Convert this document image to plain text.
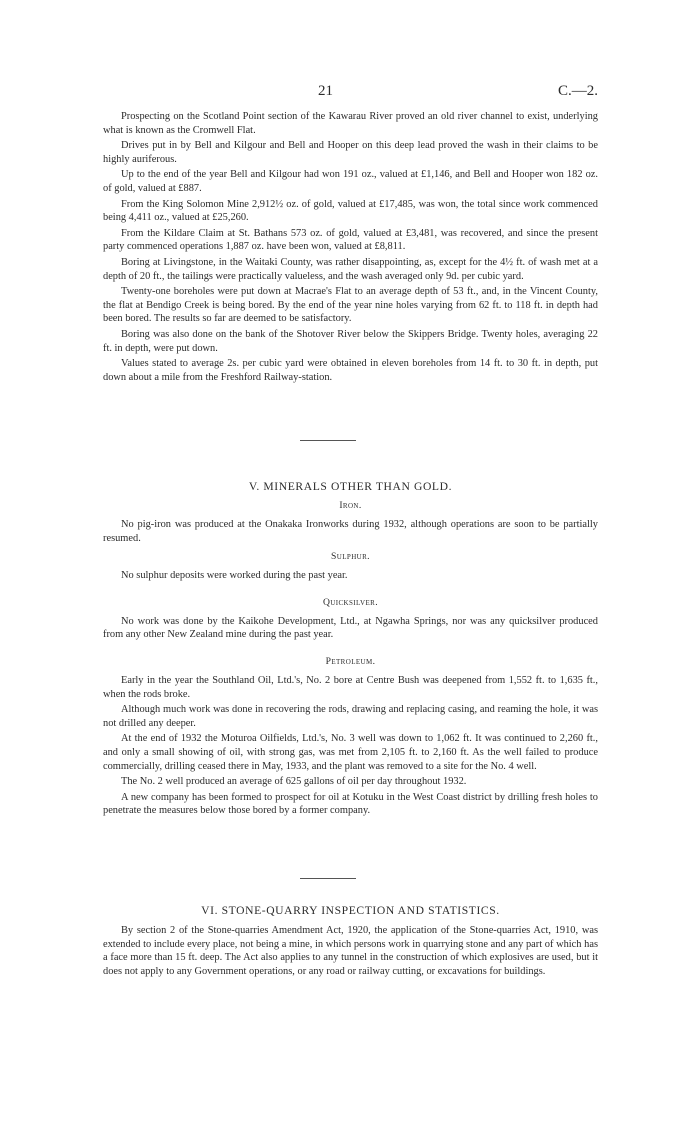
21	C.—2.

Prospecting on the Scotland Point section of the Kawarau River proved an old river channel to exist, underlying what is known as the Cromwell Flat.

Drives put in by Bell and Kilgour and Bell and Hooper on this deep lead proved the wash in their claims to be highly auriferous.

Up to the end of the year Bell and Kilgour had won 191 oz., valued at £1,146, and Bell and Hooper won 182 oz. of gold, valued at £887.

From the King Solomon Mine 2,912½ oz. of gold, valued at £17,485, was won, the total since work commenced being 4,411 oz., valued at £25,260.

From the Kildare Claim at St. Bathans 573 oz. of gold, valued at £3,481, was recovered, and since the present party commenced operations 1,887 oz. have been won, valued at £8,811.

Boring at Livingstone, in the Waitaki County, was rather disappointing, as, except for the 4½ ft. of wash met at a depth of 20 ft., the tailings were practically valueless, and the wash averaged only 9d. per cubic yard.

Twenty-one boreholes were put down at Macrae's Flat to an average depth of 53 ft., and, in the Vincent County, the flat at Bendigo Creek is being bored. By the end of the year nine holes varying from 62 ft. to 118 ft. in depth had been bored. The results so far are deemed to be satisfactory.

Boring was also done on the bank of the Shotover River below the Skippers Bridge. Twenty holes, averaging 22 ft. in depth, were put down.

Values stated to average 2s. per cubic yard were obtained in eleven boreholes from 14 ft. to 30 ft. in depth, put down about a mile from the Freshford Railway-station.

V. MINERALS OTHER THAN GOLD.
Iron.

No pig-iron was produced at the Onakaka Ironworks during 1932, although operations are soon to be partially resumed.

Sulphur.

No sulphur deposits were worked during the past year.

Quicksilver.

No work was done by the Kaikohe Development, Ltd., at Ngawha Springs, nor was any quicksilver produced from any other New Zealand mine during the past year.

Petroleum.

Early in the year the Southland Oil, Ltd.'s, No. 2 bore at Centre Bush was deepened from 1,552 ft. to 1,635 ft., when the rods broke.

Although much work was done in recovering the rods, drawing and replacing casing, and reaming the hole, it was not drilled any deeper.

At the end of 1932 the Moturoa Oilfields, Ltd.'s, No. 3 well was down to 1,062 ft. It was continued to 2,260 ft., and only a small showing of oil, with strong gas, was met from 2,105 ft. to 2,160 ft. As the well failed to produce commercially, drilling ceased there in May, 1933, and the plant was removed to a site for the No. 4 well.

The No. 2 well produced an average of 625 gallons of oil per day throughout 1932.

A new company has been formed to prospect for oil at Kotuku in the West Coast district by drilling fresh holes to penetrate the measures below those bored by a former company.

VI. STONE-QUARRY INSPECTION AND STATISTICS.

By section 2 of the Stone-quarries Amendment Act, 1920, the application of the Stone-quarries Act, 1910, was extended to include every place, not being a mine, in which persons work in quarrying stone and any part of which has a face more than 15 ft. deep. The Act also applies to any tunnel in the construction of which explosives are used, but it does not apply to any Government operations, or any road or railway cutting, or excavations for buildings.
